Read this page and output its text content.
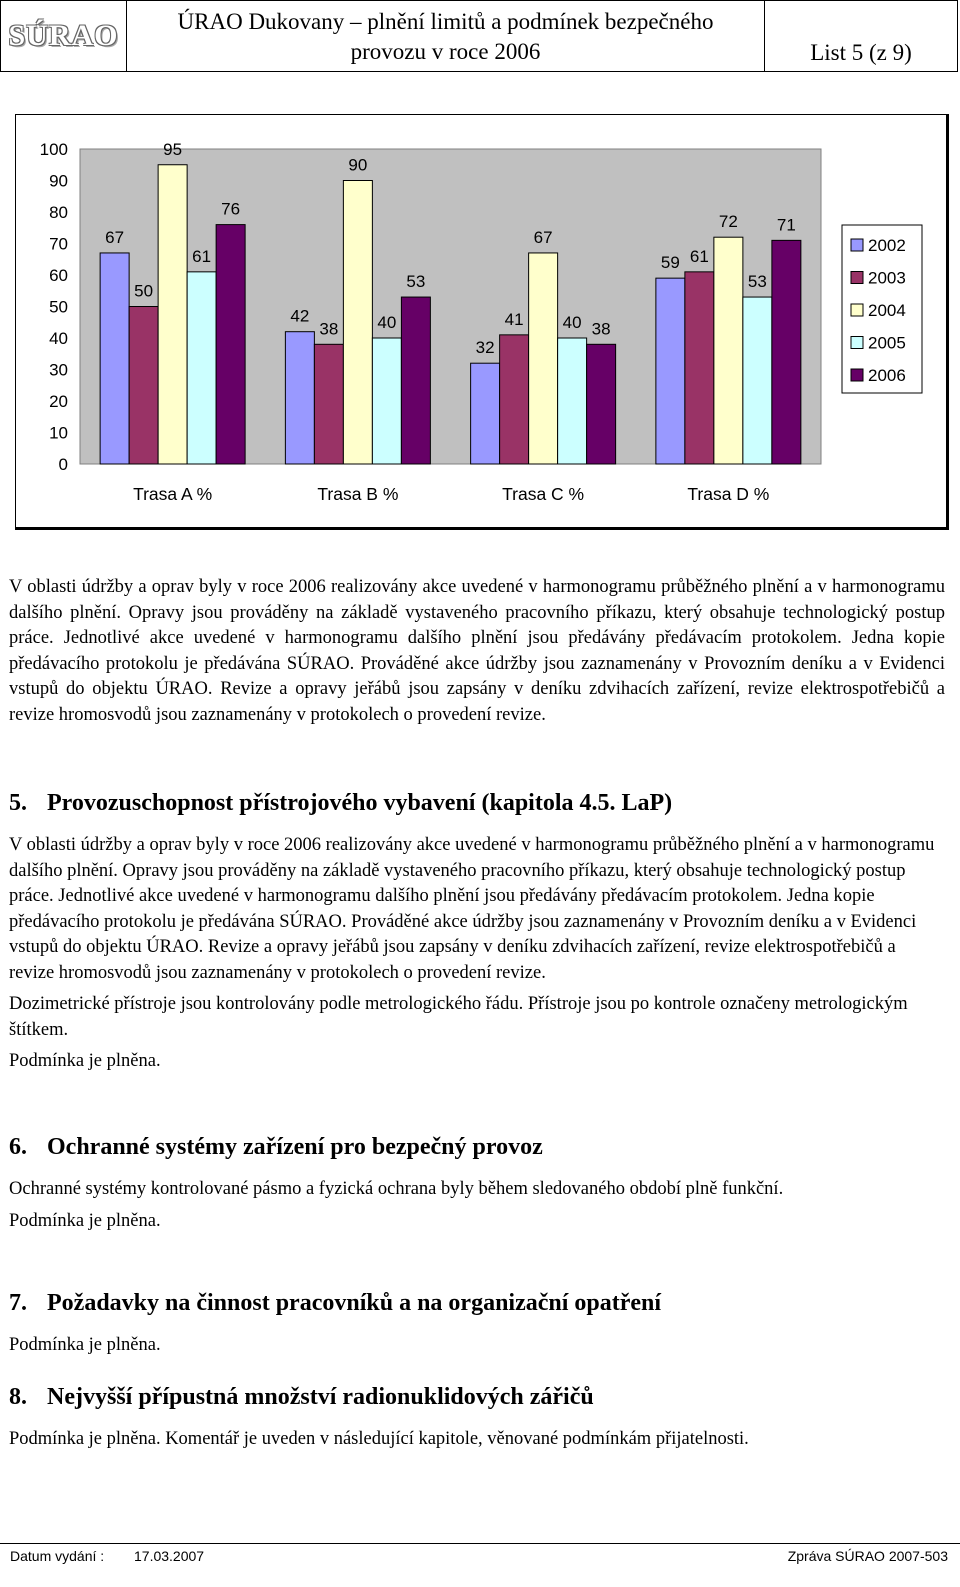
SÚRAO	ÚRAO Dukovany – plnění limitů a podmínek bezpečného
provozu v roce 2006	List 5 (z 9)
0
10
20
30
40
50
60
70
80
90
100
67
50
95
61
76
Trasa A %
42
38
90
40
53
Trasa B %
32
41
67
40 38
Trasa C %
59 61
72
53
71
Trasa D %
2002
2003
2004
2005
2006

V oblasti údržby a oprav byly v roce 2006 realizovány akce uvedené v harmonogramu průběžného plnění a v harmonogramu dalšího plnění. Opravy jsou prováděny na základě vystaveného pracovního příkazu, který obsahuje technologický postup práce. Jednotlivé akce uvedené v harmonogramu dalšího plnění jsou předávány předávacím protokolem. Jedna kopie předávacího protokolu je předávána SÚRAO. Prováděné akce údržby jsou zaznamenány v Provozním deníku a v Evidenci vstupů do objektu ÚRAO. Revize a opravy jeřábů jsou zapsány v deníku zdvihacích zařízení, revize elektrospotřebičů a revize hromosvodů jsou zaznamenány v protokolech o provedení revize.

5. Provozuschopnost přístrojového vybavení (kapitola 4.5. LaP)

V oblasti údržby a oprav byly v roce 2006 realizovány akce uvedené v harmonogramu průběžného plnění a v harmonogramu dalšího plnění. Opravy jsou prováděny na základě vystaveného pracovního příkazu, který obsahuje technologický postup práce. Jednotlivé akce uvedené v harmonogramu dalšího plnění jsou předávány předávacím protokolem. Jedna kopie předávacího protokolu je předávána SÚRAO. Prováděné akce údržby jsou zaznamenány v Provozním deníku a v Evidenci vstupů do objektu ÚRAO. Revize a opravy jeřábů jsou zapsány v deníku zdvihacích zařízení, revize elektrospotřebičů a revize hromosvodů jsou zaznamenány v protokolech o provedení revize.

Dozimetrické přístroje jsou kontrolovány podle metrologického řádu. Přístroje jsou po kontrole označeny metrologickým štítkem.

Podmínka je plněna.

6. Ochranné systémy zařízení pro bezpečný provoz

Ochranné systémy kontrolované pásmo a fyzická ochrana byly během sledovaného období plně funkční.

Podmínka je plněna.

7. Požadavky na činnost pracovníků a na organizační opatření

Podmínka je plněna.

8. Nejvyšší přípustná množství radionuklidových zářičů

Podmínka je plněna. Komentář je uveden v následující kapitole, věnované podmínkám přijatelnosti.

Datum vydání : 17.03.2007	Zpráva SÚRAO 2007-503
